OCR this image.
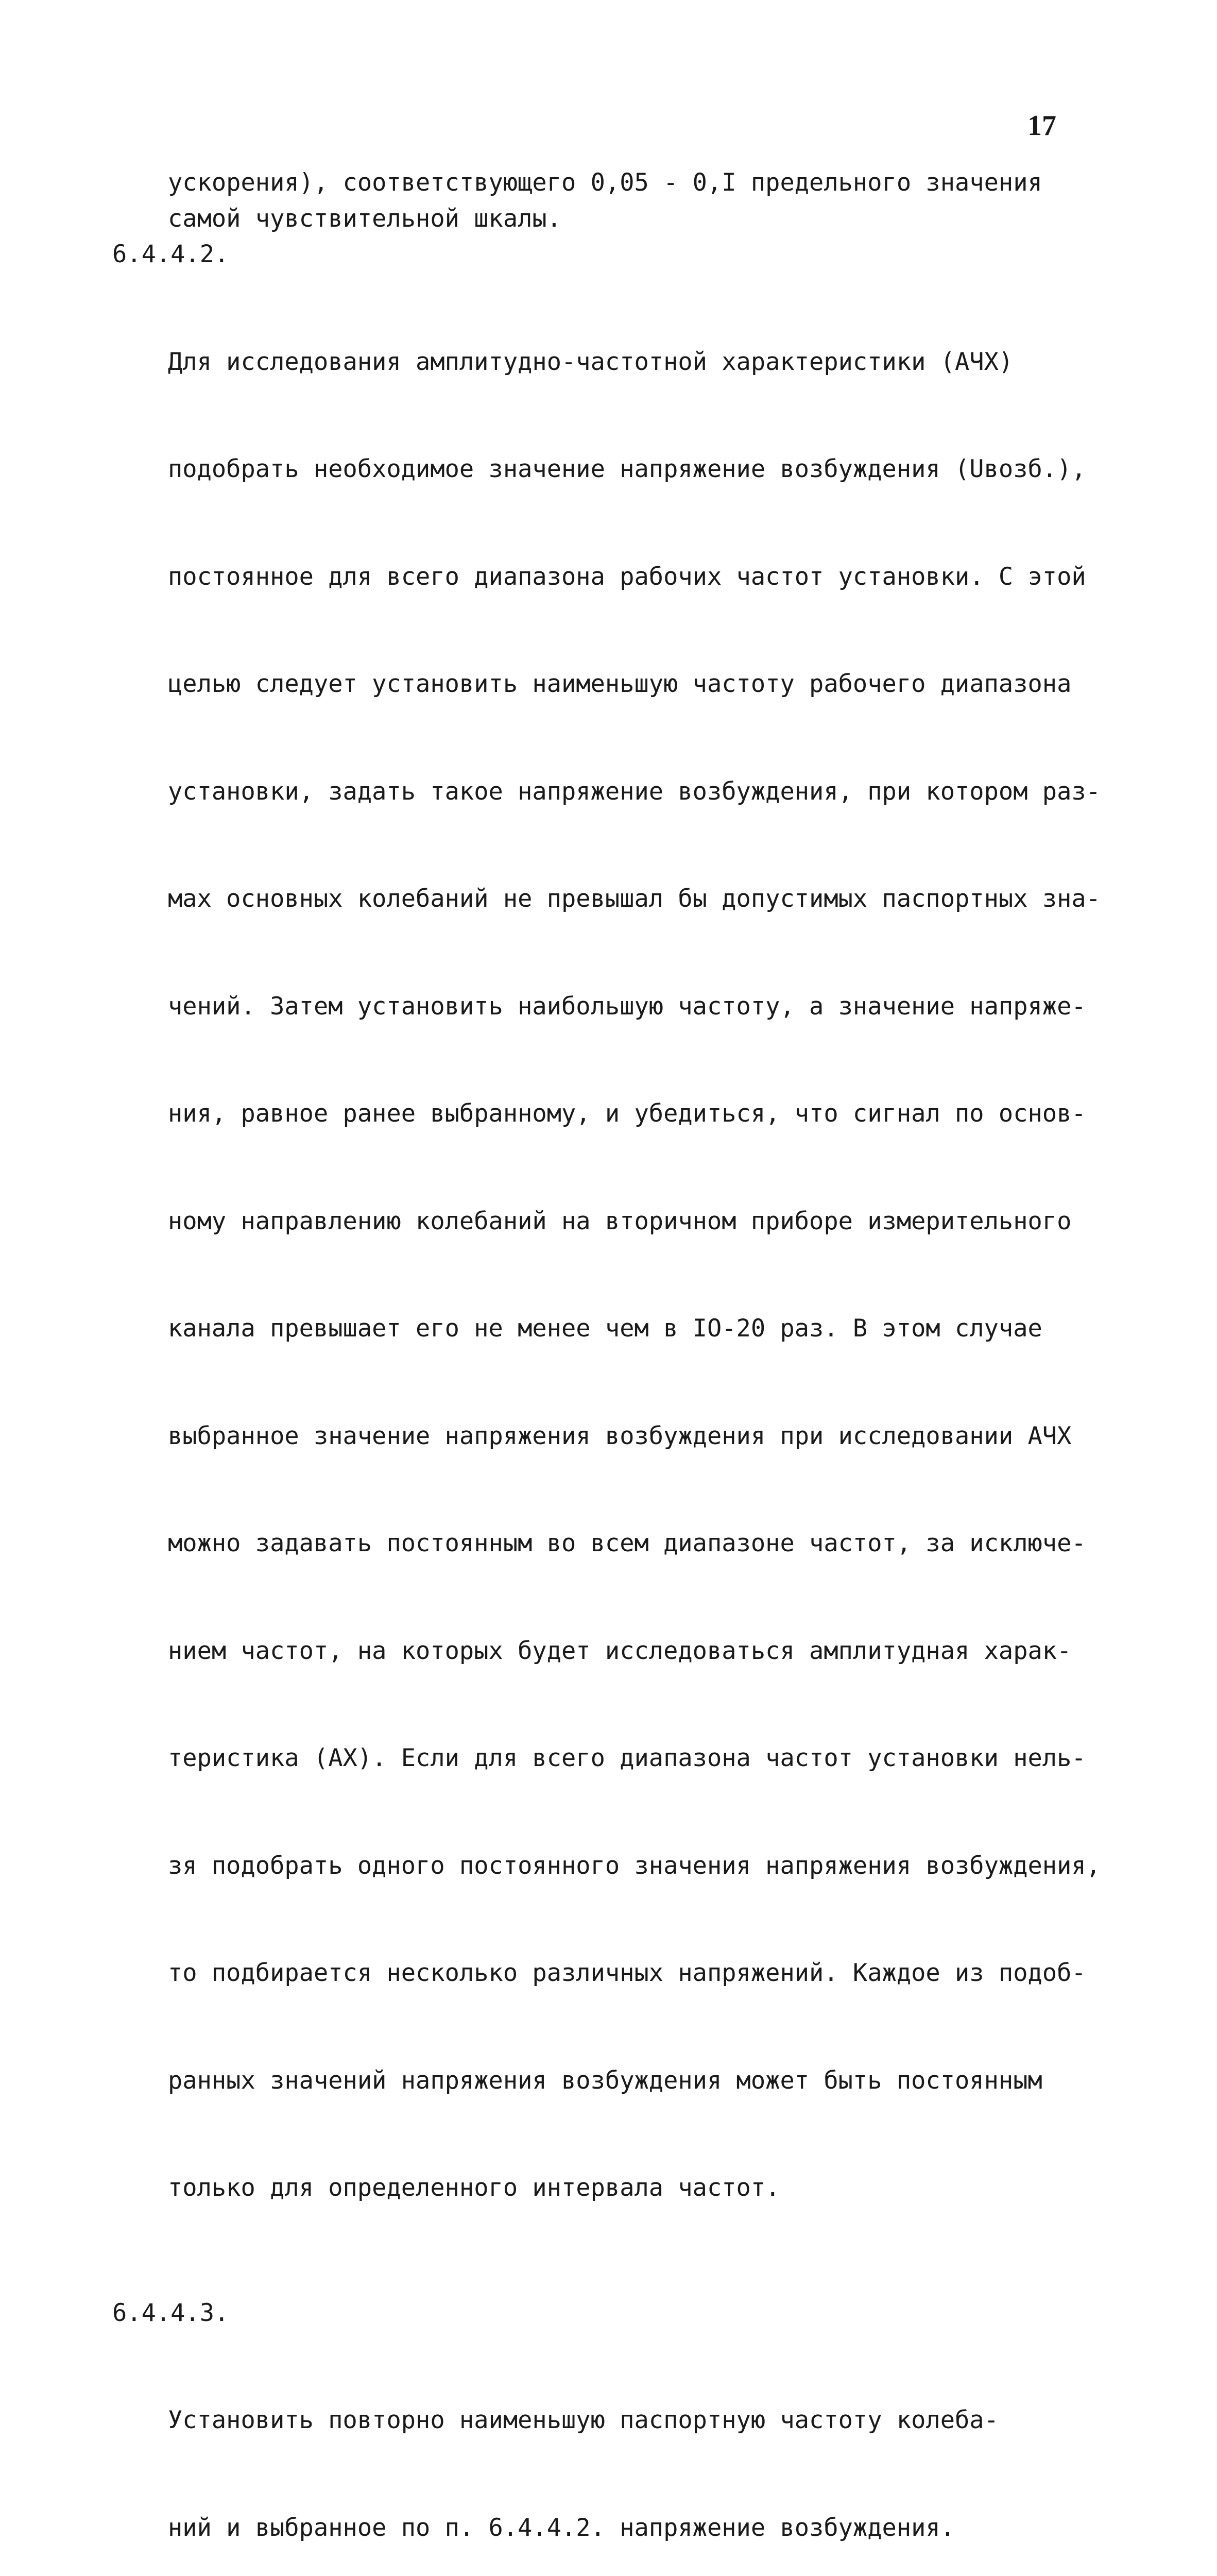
17
ускорения), соответствующего 0,05 - 0,I предельного значения
самой чувствительной шкалы.

6.4.4.2.

Для исследования амплитудно-частотной характеристики (АЧХ)

подобрать необходимое значение напряжение возбуждения (Uвозб.),

постоянное для всего диапазона рабочих частот установки. С этой

целью следует установить наименьшую частоту рабочего диапазона

установки, задать такое напряжение возбуждения, при котором раз-

мах основных колебаний не превышал бы допустимых паспортных зна-

чений. Затем установить наибольшую частоту, а значение напряже-

ния, равное ранее выбранному, и убедиться, что сигнал по основ-

ному направлению колебаний на вторичном приборе измерительного

канала превышает его не менее чем в IO-20 раз. В этом случае

выбранное значение напряжения возбуждения при исследовании АЧХ

можно задавать постоянным во всем диапазоне частот, за исключе-

нием частот, на которых будет исследоваться амплитудная харак-

теристика (АХ). Если для всего диапазона частот установки нель-

зя подобрать одного постоянного значения напряжения возбуждения,

то подбирается несколько различных напряжений. Каждое из подоб-

ранных значений напряжения возбуждения может быть постоянным

только для определенного интервала частот.

6.4.4.3.

Установить повторно наименьшую паспортную частоту колеба-

ний и выбранное по п. 6.4.4.2. напряжение возбуждения.
